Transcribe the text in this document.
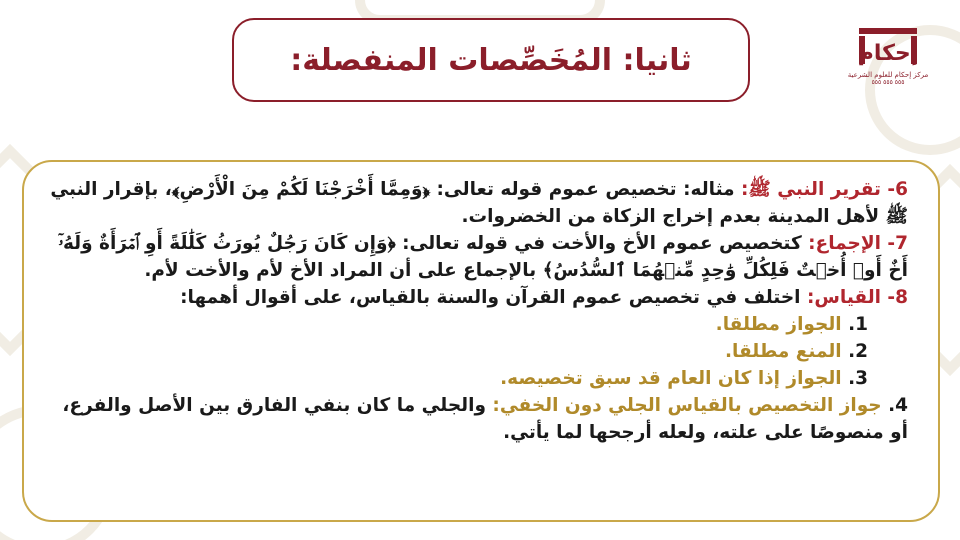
ثانيا: المُخَصِّصات المنفصلة:	إحكام
مركز إحكام للعلوم الشرعية
٥٥٥ ٥٥٥ ٥٥٥
6- تقرير النبي ﷺ: مثاله: تخصيص عموم قوله تعالى: ﴿وَمِمَّا أَخْرَجْنَا لَكُمْ مِنَ الْأَرْضِ﴾، بإقرار النبي
ﷺ لأهل المدينة بعدم إخراج الزكاة من الخضروات.
7- الإجماع: كتخصيص عموم الأخ والأخت في قوله تعالى: ﴿وَإِن كَانَ رَجُلٌ يُورَثُ كَلَٰلَةً أَوِ ٱمۡرَأَةٌ وَلَهُۥٓ
أَخٌ أَوۡ أُخۡتٌ فَلِكُلِّ وَٰحِدٍ مِّنۡهُمَا ٱلسُّدُسُ﴾ بالإجماع على أن المراد الأخ لأم والأخت لأم.
8- القياس: اختلف في تخصيص عموم القرآن والسنة بالقياس، على أقوال أهمها:
1. الجواز مطلقا.
2. المنع مطلقا.
3. الجواز إذا كان العام قد سبق تخصيصه.
4. جواز التخصيص بالقياس الجلي دون الخفي: والجلي ما كان بنفي الفارق بين الأصل والفرع،
أو منصوصًا على علته، ولعله أرجحها لما يأتي.
